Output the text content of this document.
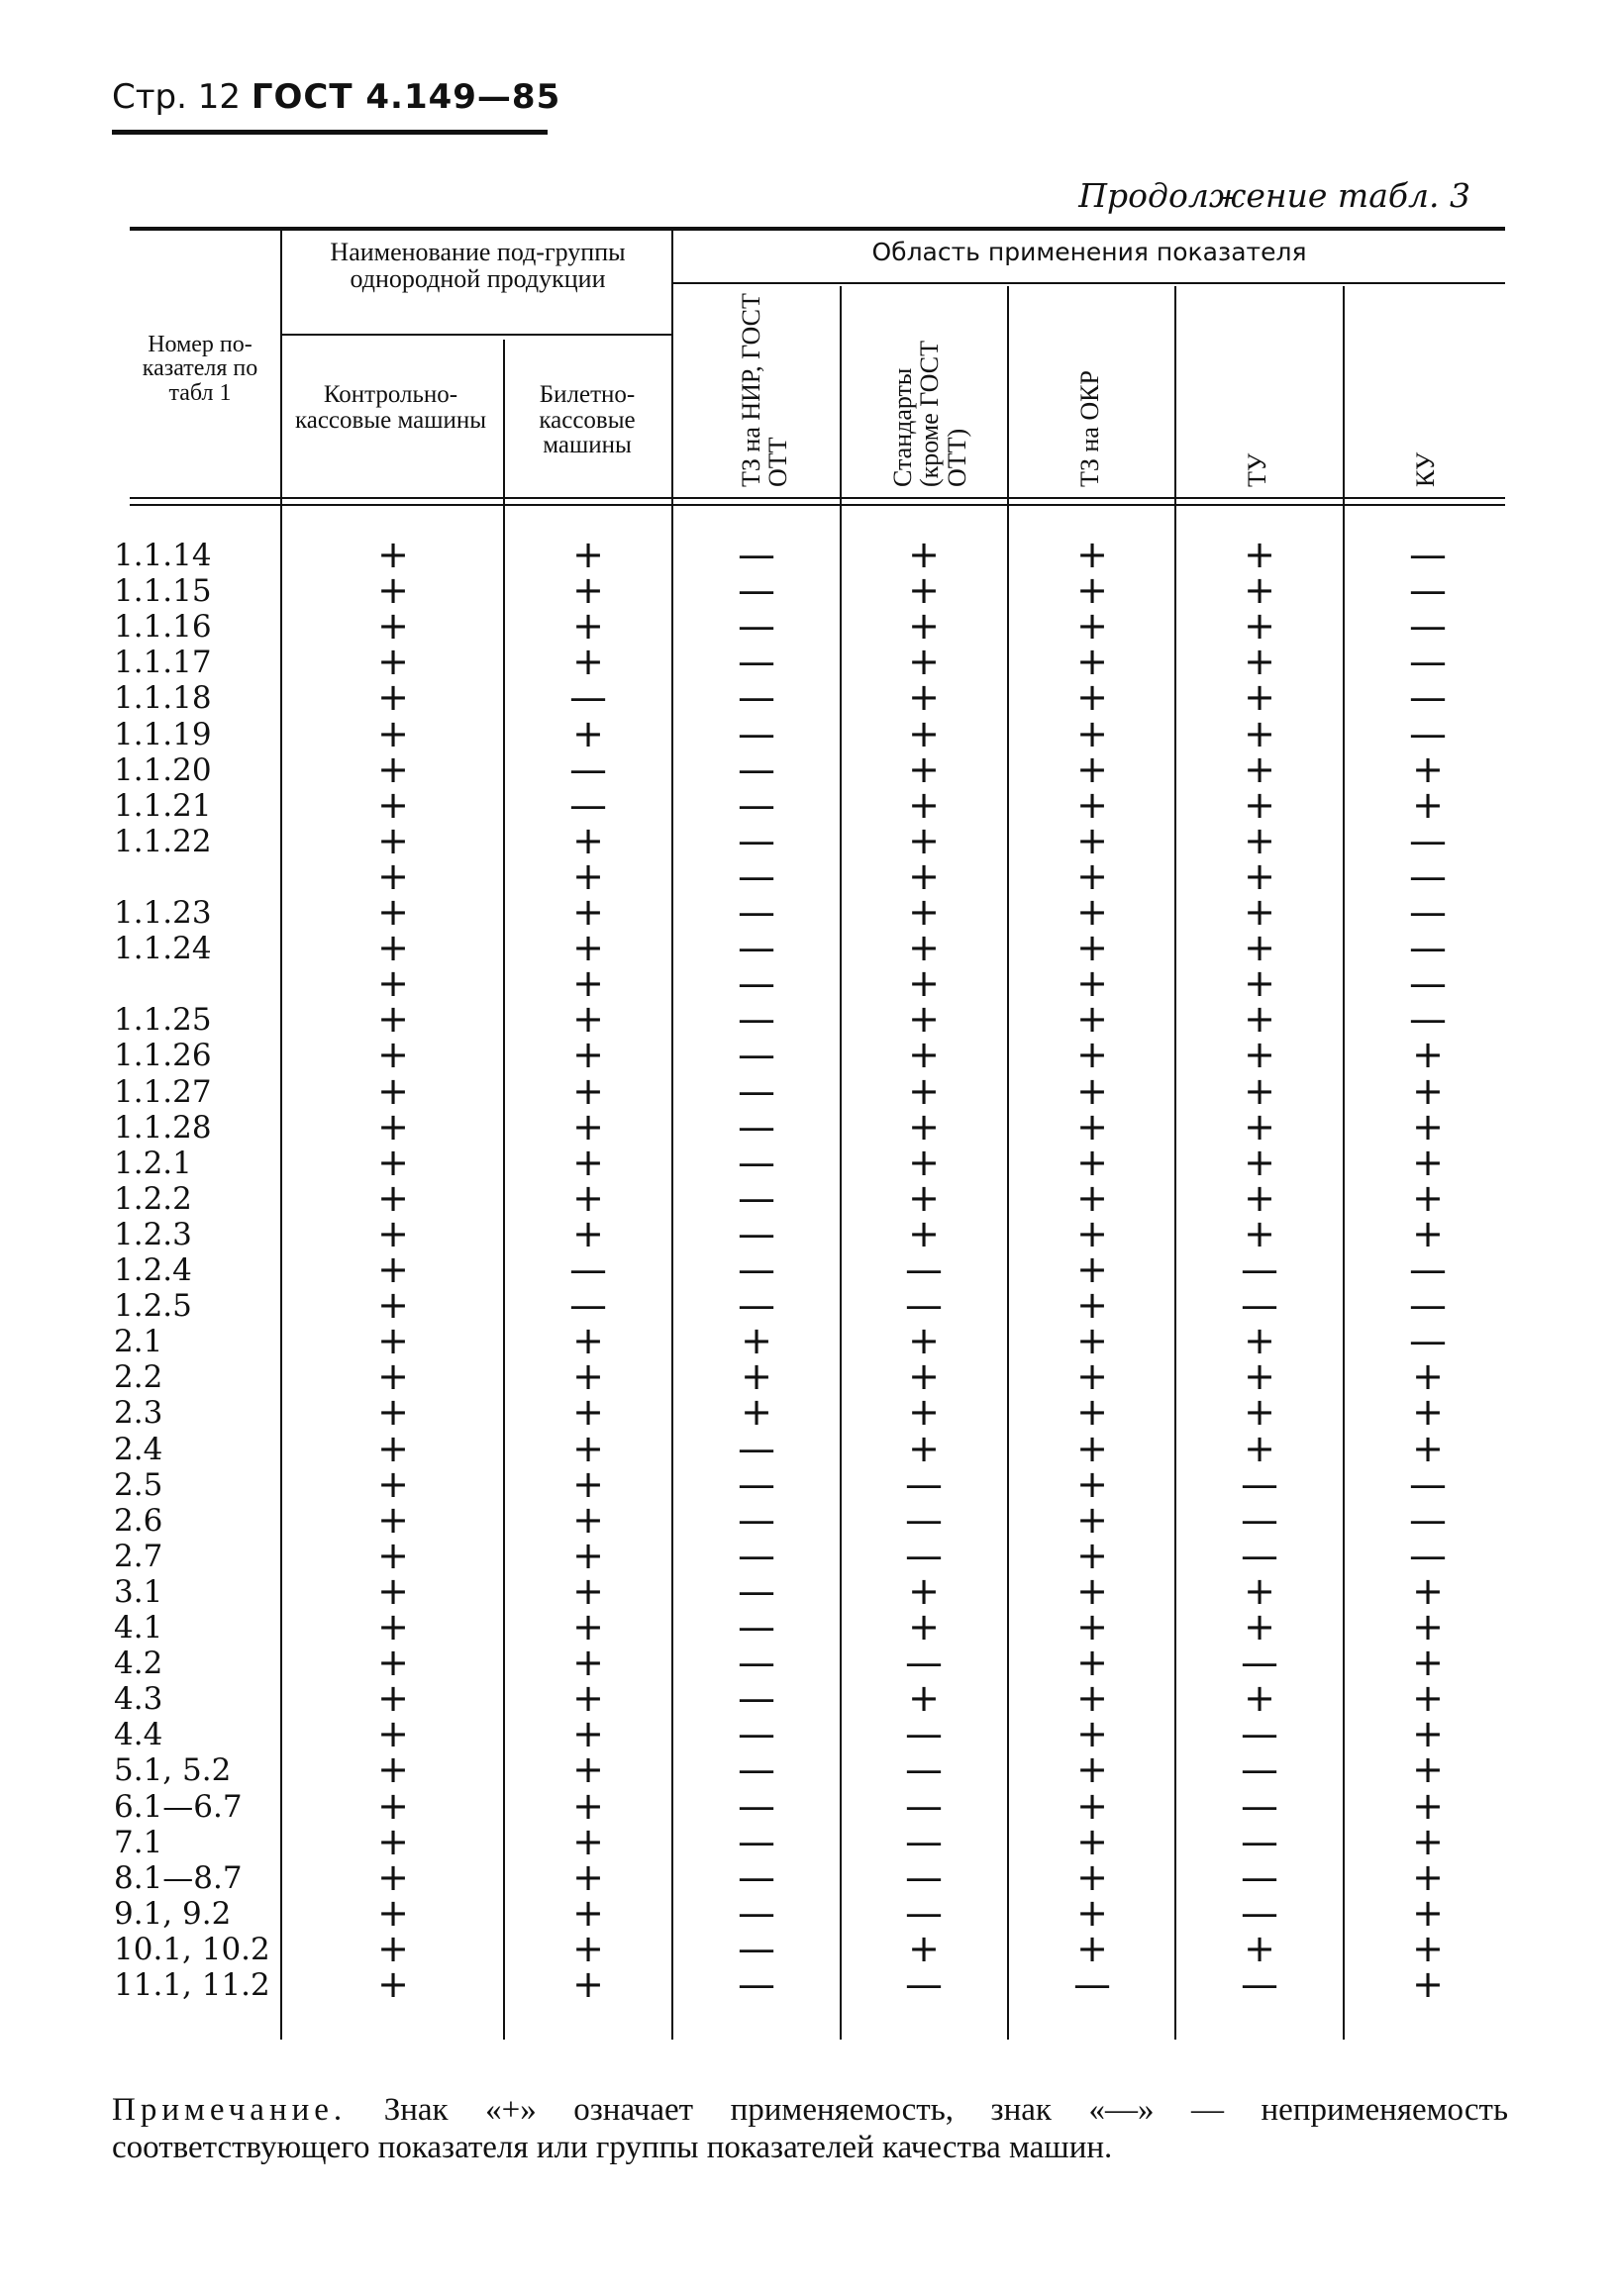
Стр. 12 ГОСТ 4.149—85
Продолжение табл. 3
Номер по-казателя по табл 1
Наименование под-группы однородной продукции
Контрольно-кассовые машины
Билетно-кассовые машины
Область применения показателя
ТЗ на НИР, ГОСТ ОТТ	Стандарты (кроме ГОСТ ОТТ)	ТЗ на ОКР	ТУ	КУ
1.1.14	+	+	—	+	+	+	—
1.1.15	+	+	—	+	+	+	—
1.1.16	+	+	—	+	+	+	—
1.1.17	+	+	—	+	+	+	—
1.1.18	+	—	—	+	+	+	—
1.1.19	+	+	—	+	+	+	—
1.1.20	+	—	—	+	+	+	+
1.1.21	+	—	—	+	+	+	+
1.1.22	+	+	—	+	+	+	—
+	+	—	+	+	+	—
1.1.23	+	+	—	+	+	+	—
1.1.24	+	+	—	+	+	+	—
+	+	—	+	+	+	—
1.1.25	+	+	—	+	+	+	—
1.1.26	+	+	—	+	+	+	+
1.1.27	+	+	—	+	+	+	+
1.1.28	+	+	—	+	+	+	+
1.2.1	+	+	—	+	+	+	+
1.2.2	+	+	—	+	+	+	+
1.2.3	+	+	—	+	+	+	+
1.2.4	+	—	—	—	+	—	—
1.2.5	+	—	—	—	+	—	—
2.1	+	+	+	+	+	+	—
2.2	+	+	+	+	+	+	+
2.3	+	+	+	+	+	+	+
2.4	+	+	—	+	+	+	+
2.5	+	+	—	—	+	—	—
2.6	+	+	—	—	+	—	—
2.7	+	+	—	—	+	—	—
3.1	+	+	—	+	+	+	+
4.1	+	+	—	+	+	+	+
4.2	+	+	—	—	+	—	+
4.3	+	+	—	+	+	+	+
4.4	+	+	—	—	+	—	+
5.1, 5.2	+	+	—	—	+	—	+
6.1—6.7	+	+	—	—	+	—	+
7.1	+	+	—	—	+	—	+
8.1—8.7	+	+	—	—	+	—	+
9.1, 9.2	+	+	—	—	+	—	+
10.1, 10.2	+	+	—	+	+	+	+
11.1, 11.2	+	+	—	—	—	—	+
Примечание. Знак «+» означает применяемость, знак «—» — неприменяемость соответствующего показателя или группы показателей качества машин.
